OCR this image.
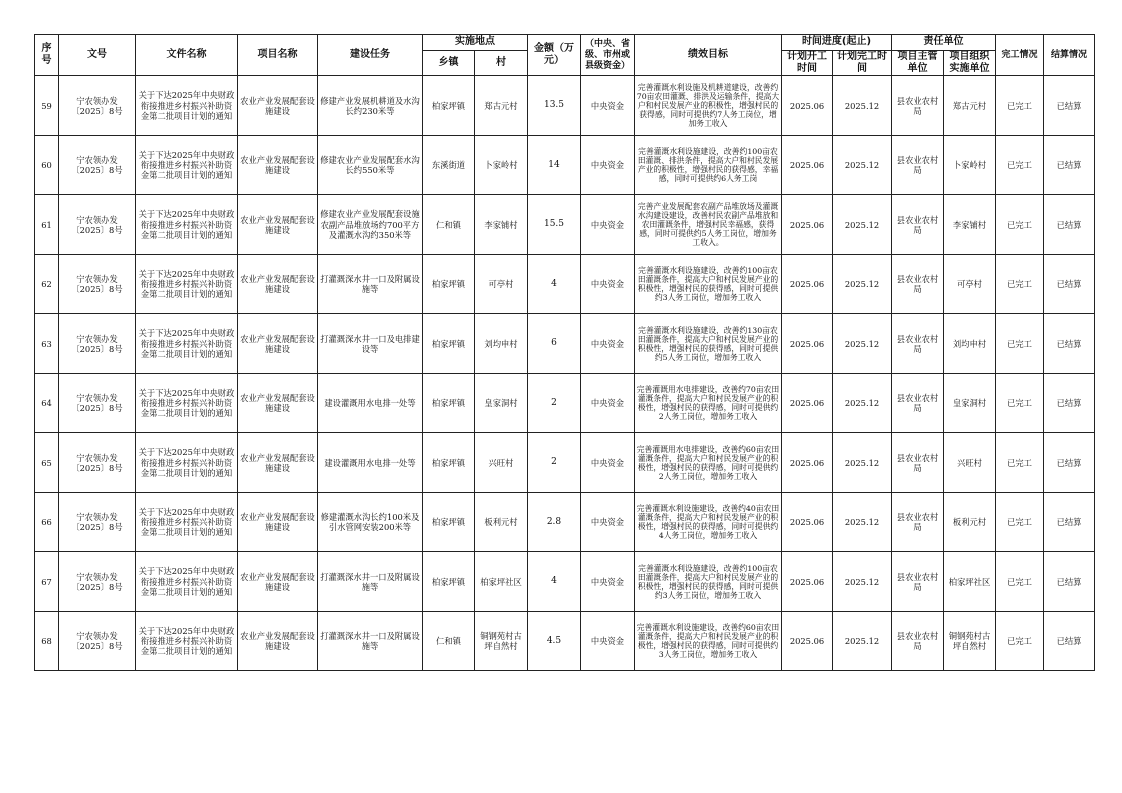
序号	文号	文件名称	项目名称	建设任务	实施地点		金额（万元）	（中央、省级、市州或县级资金）	绩效目标	时间进度(起止)		责任单位		完工情况	结算情况
					乡镇	村				计划开工时间	计划完工时间	项目主管单位	项目组织实施单位		
59	宁农领办发〔2025〕8号	关于下达2025年中央财政衔接推进乡村振兴补助资金第二批项目计划的通知	农业产业发展配套设施建设	修建产业发展机耕道及水沟长约230米等	柏家坪镇	郑古元村	13.5	中央资金	完善灌溉水利设施及机耕道建设，改善约70亩农田灌溉、排洪及运输条件，提高大户和村民发展产业的积极性，增强村民的获得感，同时可提供约7人务工岗位，增加务工收入	2025.06	2025.12	县农业农村局	郑古元村	已完工	已结算
60	宁农领办发〔2025〕8号	关于下达2025年中央财政衔接推进乡村振兴补助资金第二批项目计划的通知	农业产业发展配套设施建设	修建农业产业发展配套水沟长约550米等	东溪街道	卜家岭村	14	中央资金	完善灌溉水利设施建设，改善约100亩农田灌溉、排洪条件，提高大户和村民发展产业的积极性，增强村民的获得感，幸福感，同时可提供约6人务工岗	2025.06	2025.12	县农业农村局	卜家岭村	已完工	已结算
61	宁农领办发〔2025〕8号	关于下达2025年中央财政衔接推进乡村振兴补助资金第二批项目计划的通知	农业产业发展配套设施建设	修建农业产业发展配套设施农副产品堆放场约700平方及灌溉水沟约350米等	仁和镇	李家铺村	15.5	中央资金	完善产业发展配套农副产品堆放场及灌溉水沟建设建设，改善村民农副产品堆放和农田灌溉条件，增强村民幸福感，获得感，同时可提供约5人务工岗位，增加务工收入。	2025.06	2025.12	县农业农村局	李家铺村	已完工	已结算
62	宁农领办发〔2025〕8号	关于下达2025年中央财政衔接推进乡村振兴补助资金第二批项目计划的通知	农业产业发展配套设施建设	打灌溉深水井一口及附属设施等	柏家坪镇	可亭村	4	中央资金	完善灌溉水利设施建设，改善约100亩农田灌溉条件，提高大户和村民发展产业的积极性，增强村民的获得感，同时可提供约3人务工岗位，增加务工收入	2025.06	2025.12	县农业农村局	可亭村	已完工	已结算
63	宁农领办发〔2025〕8号	关于下达2025年中央财政衔接推进乡村振兴补助资金第二批项目计划的通知	农业产业发展配套设施建设	打灌溉深水井一口及电排建设等	柏家坪镇	刘均申村	6	中央资金	完善灌溉水利设施建设，改善约130亩农田灌溉条件，提高大户和村民发展产业的积极性，增强村民的获得感，同时可提供约5人务工岗位，增加务工收入	2025.06	2025.12	县农业农村局	刘均申村	已完工	已结算
64	宁农领办发〔2025〕8号	关于下达2025年中央财政衔接推进乡村振兴补助资金第二批项目计划的通知	农业产业发展配套设施建设	建设灌溉用水电排一处等	柏家坪镇	皇家洞村	2	中央资金	完善灌溉用水电排建设，改善约70亩农田灌溉条件，提高大户和村民发展产业的积极性，增强村民的获得感，同时可提供约2人务工岗位，增加务工收入	2025.06	2025.12	县农业农村局	皇家洞村	已完工	已结算
65	宁农领办发〔2025〕8号	关于下达2025年中央财政衔接推进乡村振兴补助资金第二批项目计划的通知	农业产业发展配套设施建设	建设灌溉用水电排一处等	柏家坪镇	兴旺村	2	中央资金	完善灌溉用水电排建设，改善约60亩农田灌溉条件，提高大户和村民发展产业的积极性，增强村民的获得感，同时可提供约2人务工岗位，增加务工收入	2025.06	2025.12	县农业农村局	兴旺村	已完工	已结算
66	宁农领办发〔2025〕8号	关于下达2025年中央财政衔接推进乡村振兴补助资金第二批项目计划的通知	农业产业发展配套设施建设	修建灌溉水沟长约100米及引水管网安装200米等	柏家坪镇	板利元村	2.8	中央资金	完善灌溉水利设施建设，改善约40亩农田灌溉条件，提高大户和村民发展产业的积极性，增强村民的获得感，同时可提供约4人务工岗位，增加务工收入	2025.06	2025.12	县农业农村局	板利元村	已完工	已结算
67	宁农领办发〔2025〕8号	关于下达2025年中央财政衔接推进乡村振兴补助资金第二批项目计划的通知	农业产业发展配套设施建设	打灌溉深水井一口及附属设施等	柏家坪镇	柏家坪社区	4	中央资金	完善灌溉水利设施建设，改善约100亩农田灌溉条件，提高大户和村民发展产业的积极性，增强村民的获得感，同时可提供约3人务工岗位，增加务工收入	2025.06	2025.12	县农业农村局	柏家坪社区	已完工	已结算
68	宁农领办发〔2025〕8号	关于下达2025年中央财政衔接推进乡村振兴补助资金第二批项目计划的通知	农业产业发展配套设施建设	打灌溉深水井一口及附属设施等	仁和镇	铜钢苑村古坪自然村	4.5	中央资金	完善灌溉水利设施建设，改善约60亩农田灌溉条件，提高大户和村民发展产业的积极性，增强村民的获得感，同时可提供约3人务工岗位，增加务工收入	2025.06	2025.12	县农业农村局	铜钢苑村古坪自然村	已完工	已结算
